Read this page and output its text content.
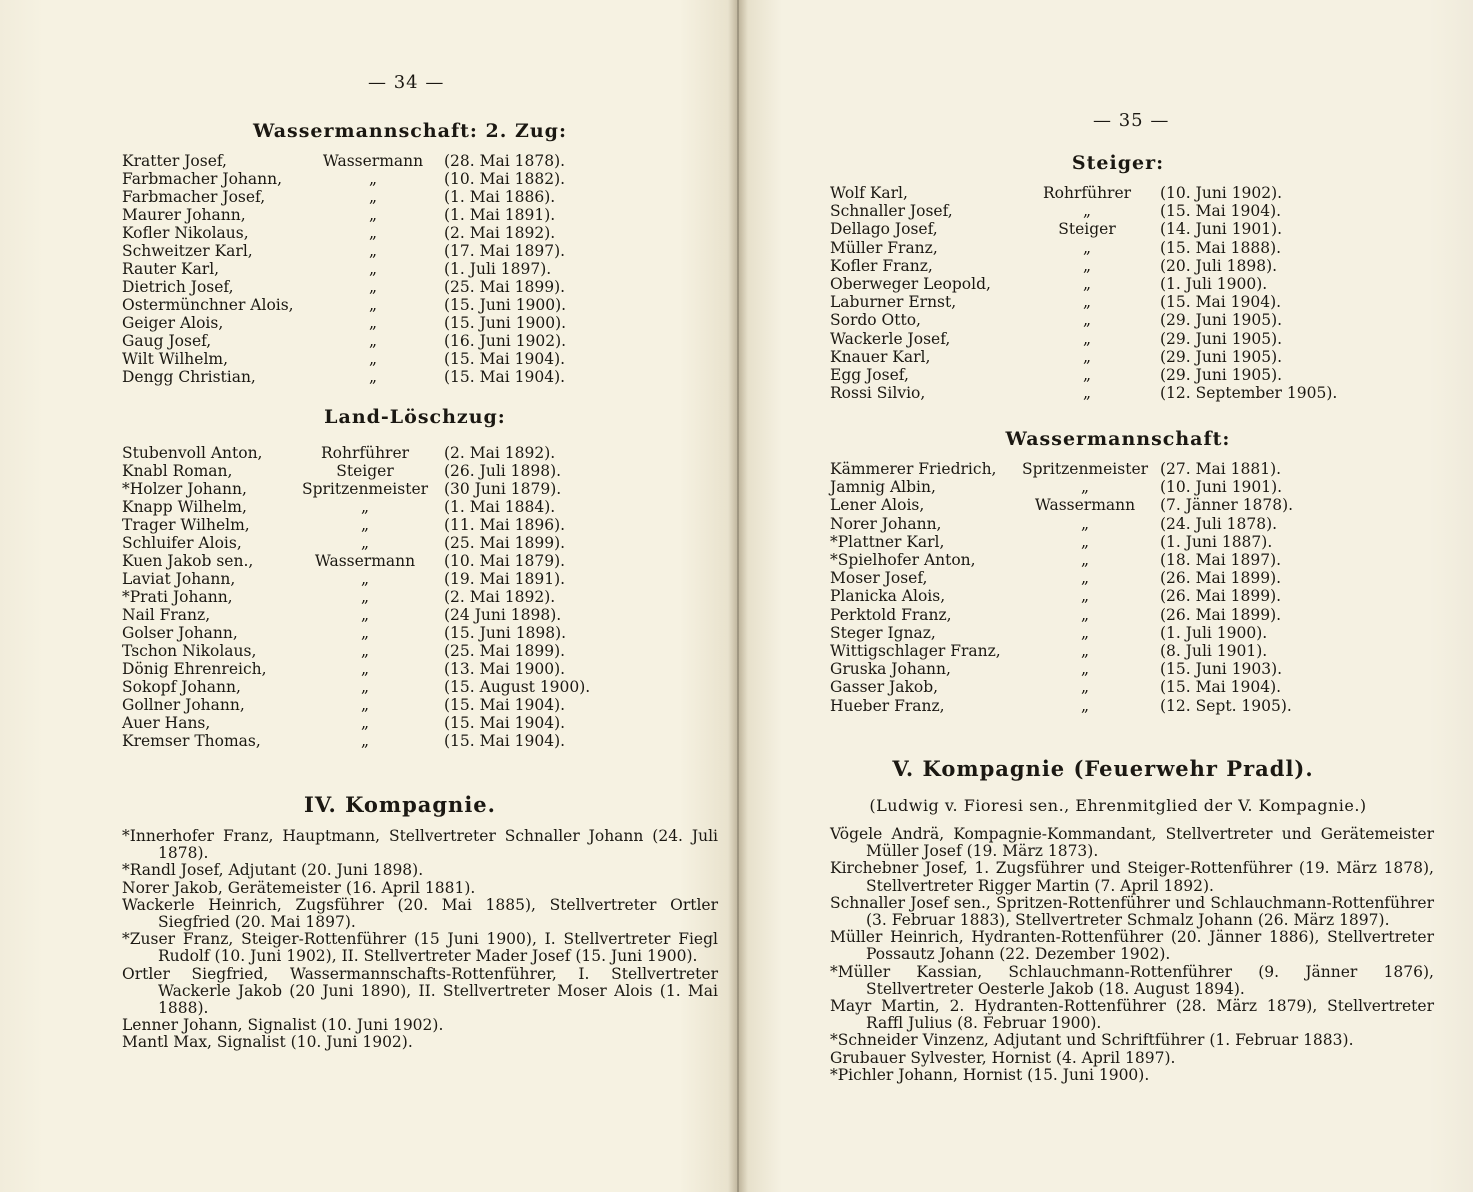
— 34 —
Wassermannschaft: 2. Zug:
Kratter Josef,	Wassermann	(28. Mai 1878).
Farbmacher Johann,	„	(10. Mai 1882).
Farbmacher Josef,	„	(1. Mai 1886).
Maurer Johann,	„	(1. Mai 1891).
Kofler Nikolaus,	„	(2. Mai 1892).
Schweitzer Karl,	„	(17. Mai 1897).
Rauter Karl,	„	(1. Juli 1897).
Dietrich Josef,	„	(25. Mai 1899).
Ostermünchner Alois,	„	(15. Juni 1900).
Geiger Alois,	„	(15. Juni 1900).
Gaug Josef,	„	(16. Juni 1902).
Wilt Wilhelm,	„	(15. Mai 1904).
Dengg Christian,	„	(15. Mai 1904).
Land-Löschzug:
Stubenvoll Anton,	Rohrführer	(2. Mai 1892).
Knabl Roman,	Steiger	(26. Juli 1898).
*Holzer Johann,	Spritzenmeister (30 Juni 1879).
Knapp Wilhelm,	„	(1. Mai 1884).
Trager Wilhelm,	„	(11. Mai 1896).
Schluifer Alois,	„	(25. Mai 1899).
Kuen Jakob sen.,	Wassermann	(10. Mai 1879).
Laviat Johann,	„	(19. Mai 1891).
*Prati Johann,	„	(2. Mai 1892).
Nail Franz,	„	(24 Juni 1898).
Golser Johann,	„	(15. Juni 1898).
Tschon Nikolaus,	„	(25. Mai 1899).
Dönig Ehrenreich,	„	(13. Mai 1900).
Sokopf Johann,	„	(15. August 1900).
Gollner Johann,	„	(15. Mai 1904).
Auer Hans,	„	(15. Mai 1904).
Kremser Thomas,	„	(15. Mai 1904).
IV. Kompagnie.

*Innerhofer Franz, Hauptmann, Stellvertreter Schnaller Johann (24. Juli 1878).

*Randl Josef, Adjutant (20. Juni 1898).

Norer Jakob, Gerätemeister (16. April 1881).

Wackerle Heinrich, Zugsführer (20. Mai 1885), Stellvertreter Ortler Siegfried (20. Mai 1897).

*Zuser Franz, Steiger-Rottenführer (15 Juni 1900), I. Stellvertreter Fiegl Rudolf (10. Juni 1902), II. Stellvertreter Mader Josef (15. Juni 1900).

Ortler Siegfried, Wassermannschafts-Rottenführer, I. Stellvertreter Wackerle Jakob (20 Juni 1890), II. Stellvertreter Moser Alois (1. Mai 1888).

Lenner Johann, Signalist (10. Juni 1902).

Mantl Max, Signalist (10. Juni 1902).

— 35 —
Steiger:
Wolf Karl,	Rohrführer	(10. Juni 1902).
Schnaller Josef,	„	(15. Mai 1904).
Dellago Josef,	Steiger	(14. Juni 1901).
Müller Franz,	„	(15. Mai 1888).
Kofler Franz,	„	(20. Juli 1898).
Oberweger Leopold,	„	(1. Juli 1900).
Laburner Ernst,	„	(15. Mai 1904).
Sordo Otto,	„	(29. Juni 1905).
Wackerle Josef,	„	(29. Juni 1905).
Knauer Karl,	„	(29. Juni 1905).
Egg Josef,	„	(29. Juni 1905).
Rossi Silvio,	„	(12. September 1905).
Wassermannschaft:
Kämmerer Friedrich, Spritzenmeister (27. Mai 1881).
Jamnig Albin,	„	(10. Juni 1901).
Lener Alois,	Wassermann	(7. Jänner 1878).
Norer Johann,	„	(24. Juli 1878).
*Plattner Karl,	„	(1. Juni 1887).
*Spielhofer Anton,	„	(18. Mai 1897).
Moser Josef,	„	(26. Mai 1899).
Planicka Alois,	„	(26. Mai 1899).
Perktold Franz,	„	(26. Mai 1899).
Steger Ignaz,	„	(1. Juli 1900).
Wittigschlager Franz,	„	(8. Juli 1901).
Gruska Johann,	„	(15. Juni 1903).
Gasser Jakob,	„	(15. Mai 1904).
Hueber Franz,	„	(12. Sept. 1905).
V. Kompagnie (Feuerwehr Pradl).
(Ludwig v. Fioresi sen., Ehrenmitglied der V. Kompagnie.)

Vögele Andrä, Kompagnie-Kommandant, Stellvertreter und Gerätemeister Müller Josef (19. März 1873).

Kirchebner Josef, 1. Zugsführer und Steiger-Rottenführer (19. März 1878), Stellvertreter Rigger Martin (7. April 1892).

Schnaller Josef sen., Spritzen-Rottenführer und Schlauchmann-Rottenführer (3. Februar 1883), Stellvertreter Schmalz Johann (26. März 1897).

Müller Heinrich, Hydranten-Rottenführer (20. Jänner 1886), Stellvertreter Possautz Johann (22. Dezember 1902).

*Müller Kassian, Schlauchmann-Rottenführer (9. Jänner 1876), Stellvertreter Oesterle Jakob (18. August 1894).

Mayr Martin, 2. Hydranten-Rottenführer (28. März 1879), Stellvertreter Raffl Julius (8. Februar 1900).

*Schneider Vinzenz, Adjutant und Schriftführer (1. Februar 1883).

Grubauer Sylvester, Hornist (4. April 1897).

*Pichler Johann, Hornist (15. Juni 1900).
